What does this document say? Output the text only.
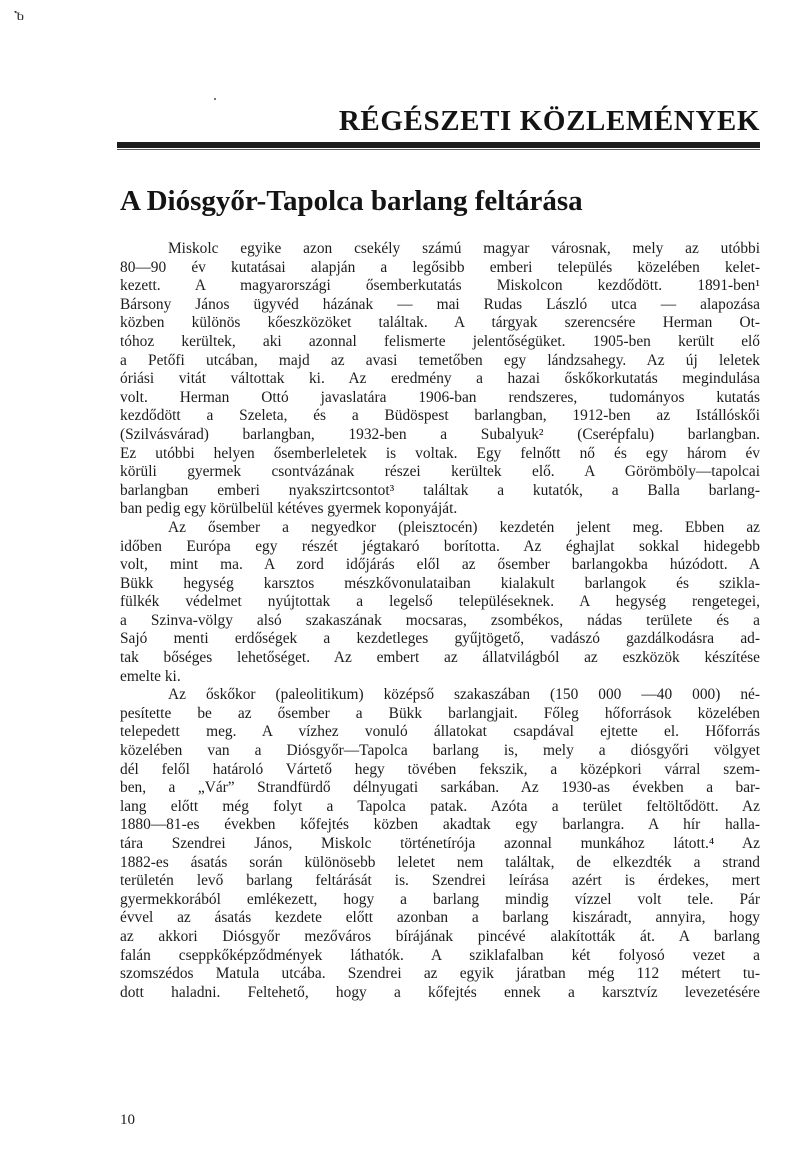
Ⴆ
RÉGÉSZETI KÖZLEMÉNYEK
A Diósgyőr-Tapolca barlang feltárása
Miskolc egyike azon csekély számú magyar városnak, mely az utóbbi
80—90 év kutatásai alapján a legősibb emberi település közelében kelet-
kezett. A magyarországi ősemberkutatás Miskolcon kezdődött. 1891-ben¹
Bársony János ügyvéd házának — mai Rudas László utca — alapozása
közben különös kőeszközöket találtak. A tárgyak szerencsére Herman Ot-
tóhoz kerültek, aki azonnal felismerte jelentőségüket. 1905-ben került elő
a Petőfi utcában, majd az avasi temetőben egy lándzsahegy. Az új leletek
óriási vitát váltottak ki. Az eredmény a hazai őskőkorkutatás megindulása
volt. Herman Ottó javaslatára 1906-ban rendszeres, tudományos kutatás
kezdődött a Szeleta, és a Büdöspest barlangban, 1912-ben az Istállóskői
(Szilvásvárad) barlangban, 1932-ben a Subalyuk² (Cserépfalu) barlangban.
Ez utóbbi helyen ősemberleletek is voltak. Egy felnőtt nő és egy három év
körüli gyermek csontvázának részei kerültek elő. A Görömböly—tapolcai
barlangban emberi nyakszirtcsontot³ találtak a kutatók, a Balla barlang-
ban pedig egy körülbelül kétéves gyermek koponyáját.
Az ősember a negyedkor (pleisztocén) kezdetén jelent meg. Ebben az
időben Európa egy részét jégtakaró borította. Az éghajlat sokkal hidegebb
volt, mint ma. A zord időjárás elől az ősember barlangokba húzódott. A
Bükk hegység karsztos mészkővonulataiban kialakult barlangok és sziklа-
fülkék védelmet nyújtottak a legelső településeknek. A hegység rengetegei,
a Szinva-völgy alsó szakaszának mocsaras, zsombékos, nádas területe és a
Sajó menti erdőségek a kezdetleges gyűjtögető, vadászó gazdálkodásra ad-
tak bőséges lehetőséget. Az embert az állatvilágból az eszközök készítése
emelte ki.
Az őskőkor (paleolitikum) középső szakaszában (150 000 —40 000) né-
pesítette be az ősember a Bükk barlangjait. Főleg hőforrások közelében
telepedett meg. A vízhez vonuló állatokat csapdával ejtette el. Hőforrás
közelében van a Diósgyőr—Tapolca barlang is, mely a diósgyőri völgyet
dél felől határoló Vártető hegy tövében fekszik, a középkori várral szem-
ben, a „Vár” Strandfürdő délnyugati sarkában. Az 1930-as években a bar-
lang előtt még folyt a Tapolca patak. Azóta a terület feltöltődött. Az
1880—81-es években kőfejtés közben akadtak egy barlangra. A hír halla-
tára Szendrei János, Miskolc történetírója azonnal munkához látott.⁴ Az
1882-es ásatás során különösebb leletet nem találtak, de elkezdték a strand
területén levő barlang feltárását is. Szendrei leírása azért is érdekes, mert
gyermekkorából emlékezett, hogy a barlang mindig vízzel volt tele. Pár
évvel az ásatás kezdete előtt azonban a barlang kiszáradt, annyira, hogy
az akkori Diósgyőr mezőváros bírájának pincévé alakították át. A barlang
falán cseppkőképződmények láthatók. A sziklafalban két folyosó vezet a
szomszédos Matula utcába. Szendrei az egyik járatban még 112 métert tu-
dott haladni. Feltehető, hogy a kőfejtés ennek a karsztvíz levezetésére
10
